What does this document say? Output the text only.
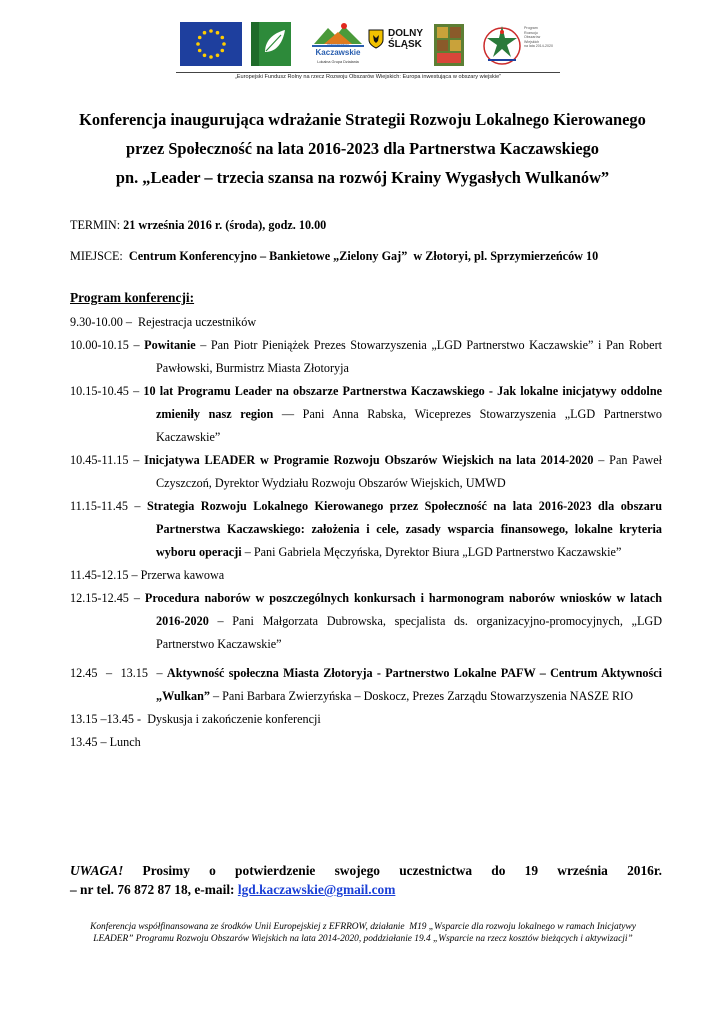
Kaczawskie
Lokalna Grupa Działania
Partnerstwo
DOLNY
ŚLĄSK
Program
Rozwoju
Obszarów
Wiejskich
na lata 2014-2020
„Europejski Fundusz Rolny na rzecz Rozwoju Obszarów Wiejskich: Europa inwestująca w obszary wiejskie”
Konferencja inaugurująca wdrażanie Strategii Rozwoju Lokalnego Kierowanego
przez Społeczność na lata 2016-2023 dla Partnerstwa Kaczawskiego
pn. „Leader – trzecia szansa na rozwój Krainy Wygasłych Wulkanów”
TERMIN: 21 września 2016 r. (środa), godz. 10.00
MIEJSCE: Centrum Konferencyjno – Bankietowe „Zielony Gaj”  w Złotoryi, pl. Sprzymierzeńców 10
Program konferencji:

9.30-10.00 – Rejestracja uczestników

10.00-10.15 – Powitanie – Pan Piotr Pieniążek Prezes Stowarzyszenia „LGD Partnerstwo Kaczawskie” i Pan Robert Pawłowski, Burmistrz Miasta Złotoryja

10.15-10.45 – 10 lat Programu Leader na obszarze Partnerstwa Kaczawskiego - Jak lokalne inicjatywy oddolne zmieniły nasz region — Pani Anna Rabska, Wiceprezes Stowarzyszenia „LGD Partnerstwo Kaczawskie”

10.45-11.15 – Inicjatywa LEADER w Programie Rozwoju Obszarów Wiejskich na lata 2014-2020 – Pan Paweł Czyszczoń, Dyrektor Wydziału Rozwoju Obszarów Wiejskich, UMWD

11.15-11.45 – Strategia Rozwoju Lokalnego Kierowanego przez Społeczność na lata 2016-2023 dla obszaru Partnerstwa Kaczawskiego: założenia i cele, zasady wsparcia finansowego, lokalne kryteria wyboru operacji – Pani Gabriela Męczyńska, Dyrektor Biura „LGD Partnerstwo Kaczawskie”

11.45-12.15 – Przerwa kawowa

12.15-12.45 – Procedura naborów w poszczególnych konkursach i harmonogram naborów wniosków w latach 2016-2020 – Pani Małgorzata Dubrowska, specjalista ds. organizacyjno-promocyjnych, „LGD Partnerstwo Kaczawskie”

12.45  –  13.15  – Aktywność społeczna Miasta Złotoryja - Partnerstwo Lokalne PAFW – Centrum Aktywności „Wulkan” – Pani Barbara Zwierzyńska – Doskocz, Prezes Zarządu Stowarzyszenia NASZE RIO

13.15 –13.45 - Dyskusja i zakończenie konferencji

13.45 – Lunch

UWAGA! Prosimy o potwierdzenie swojego uczestnictwa do 19 września 2016r.
– nr tel. 76 872 87 18, e-mail: lgd.kaczawskie@gmail.com
Konferencja współfinansowana ze środków Unii Europejskiej z EFRROW, działanie  M19 „Wsparcie dla rozwoju lokalnego w ramach Inicjatywy
LEADER” Programu Rozwoju Obszarów Wiejskich na lata 2014-2020, poddziałanie 19.4 „Wsparcie na rzecz kosztów bieżących i aktywizacji”
